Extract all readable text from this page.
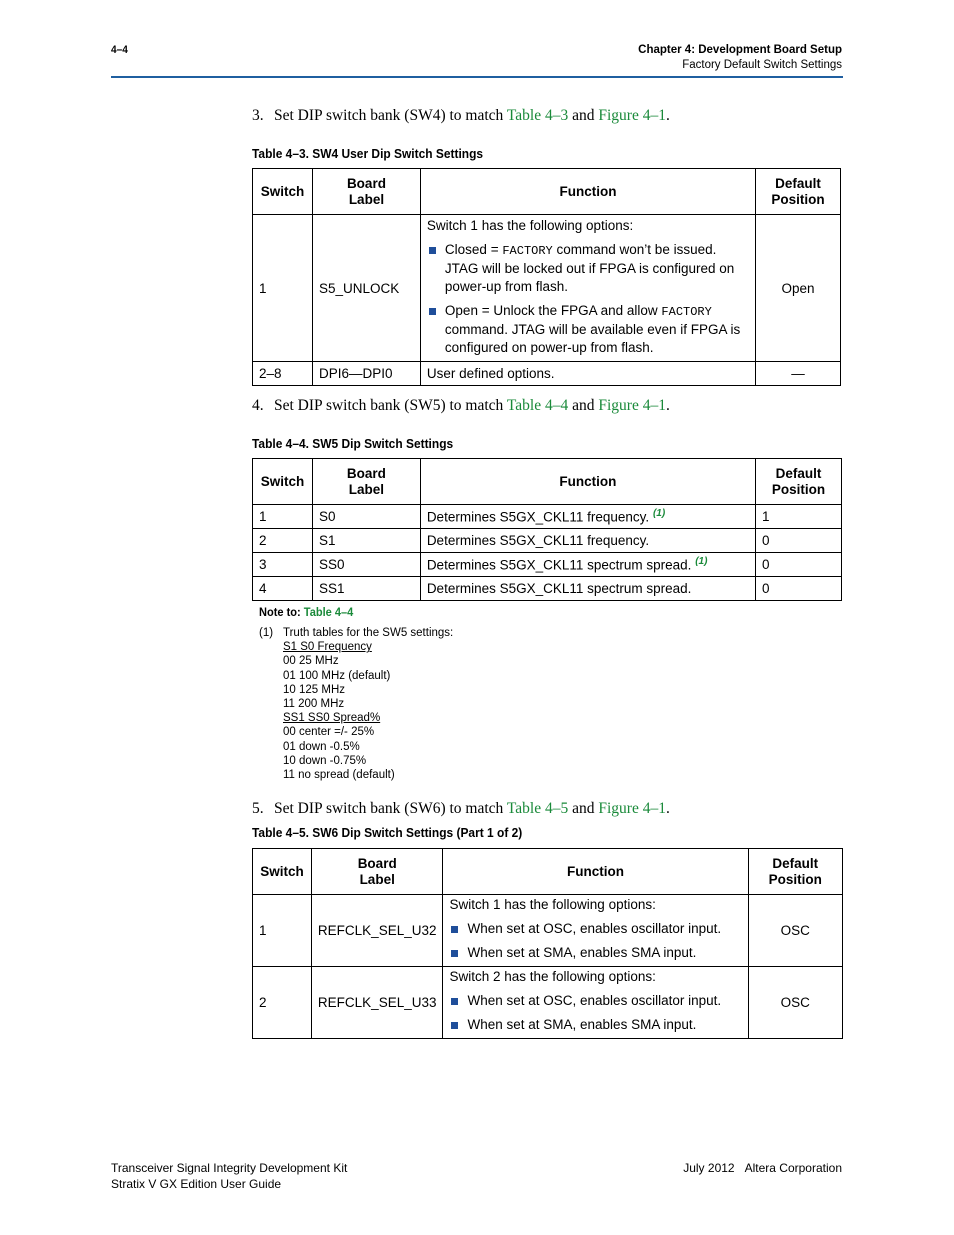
4–4	Chapter 4: Development Board Setup
Factory Default Switch Settings
3. Set DIP switch bank (SW4) to match Table 4–3 and Figure 4–1.
Table 4–3. SW4 User Dip Switch Settings
Switch	Board Label	Function	Default Position
1	S5_UNLOCK	Switch 1 has the following options:
Closed = FACTORY command won’t be issued. JTAG will be locked out if FPGA is configured on power-up from flash.
Open = Unlock the FPGA and allow FACTORY command. JTAG will be available even if FPGA is configured on power-up from flash.	Open
2–8	DPI6—DPI0	User defined options.	—
4. Set DIP switch bank (SW5) to match Table 4–4 and Figure 4–1.
Table 4–4. SW5 Dip Switch Settings
Switch	Board Label	Function	Default Position
1	S0	Determines S5GX_CKL11 frequency. $^{(1)}$	1
2	S1	Determines S5GX_CKL11 frequency.	0
3	SS0	Determines S5GX_CKL11 spectrum spread. $^{(1)}$	0
4	SS1	Determines S5GX_CKL11 spectrum spread.	0
Note to: Table 4–4
(1) Truth tables for the SW5 settings:
S1 S0 Frequency
00 25 MHz
01 100 MHz (default)
10 125 MHz
11 200 MHz
SS1 SS0 Spread%
00 center =/- 25%
01 down -0.5%
10 down -0.75%
11 no spread (default)
5. Set DIP switch bank (SW6) to match Table 4–5 and Figure 4–1.
Table 4–5. SW6 Dip Switch Settings (Part 1 of 2)
Switch	Board Label	Function	Default Position
1	REFCLK_SEL_U32	Switch 1 has the following options:
When set at OSC, enables oscillator input.
When set at SMA, enables SMA input.	OSC
2	REFCLK_SEL_U33	Switch 2 has the following options:
When set at OSC, enables oscillator input.
When set at SMA, enables SMA input.	OSC
Transceiver Signal Integrity Development Kit
Stratix V GX Edition User Guide
July 2012 Altera Corporation
